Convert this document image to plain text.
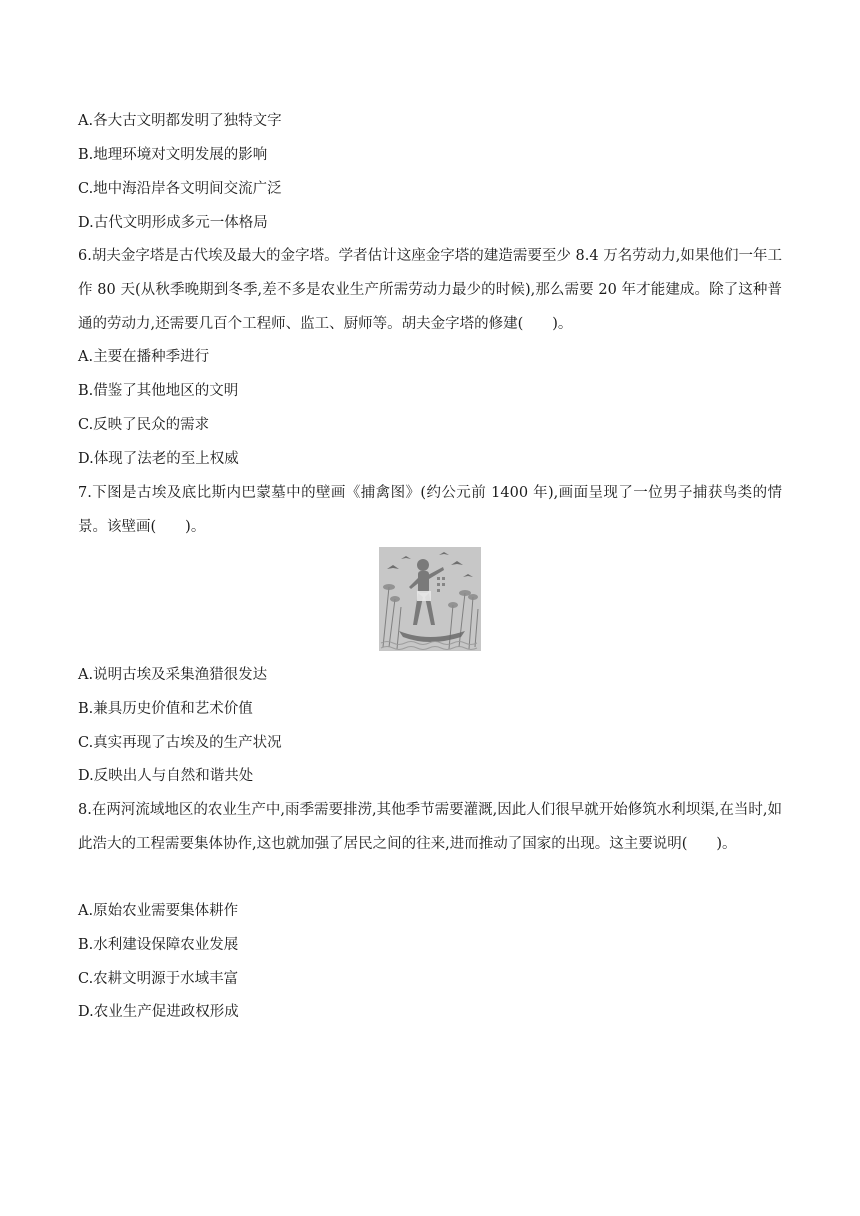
A.各大古文明都发明了独特文字
B.地理环境对文明发展的影响
C.地中海沿岸各文明间交流广泛
D.古代文明形成多元一体格局
6.胡夫金字塔是古代埃及最大的金字塔。学者估计这座金字塔的建造需要至少 8.4 万名劳动力,如果他们一年工作 80 天(从秋季晚期到冬季,差不多是农业生产所需劳动力最少的时候),那么需要 20 年才能建成。除了这种普通的劳动力,还需要几百个工程师、监工、厨师等。胡夫金字塔的修建(　　)。
A.主要在播种季进行
B.借鉴了其他地区的文明
C.反映了民众的需求
D.体现了法老的至上权威
7.下图是古埃及底比斯内巴蒙墓中的壁画《捕禽图》(约公元前 1400 年),画面呈现了一位男子捕获鸟类的情景。该壁画(　　)。
A.说明古埃及采集渔猎很发达
B.兼具历史价值和艺术价值
C.真实再现了古埃及的生产状况
D.反映出人与自然和谐共处
8.在两河流域地区的农业生产中,雨季需要排涝,其他季节需要灌溉,因此人们很早就开始修筑水利坝渠,在当时,如此浩大的工程需要集体协作,这也就加强了居民之间的往来,进而推动了国家的出现。这主要说明(　　)。
A.原始农业需要集体耕作
B.水利建设保障农业发展
C.农耕文明源于水域丰富
D.农业生产促进政权形成
